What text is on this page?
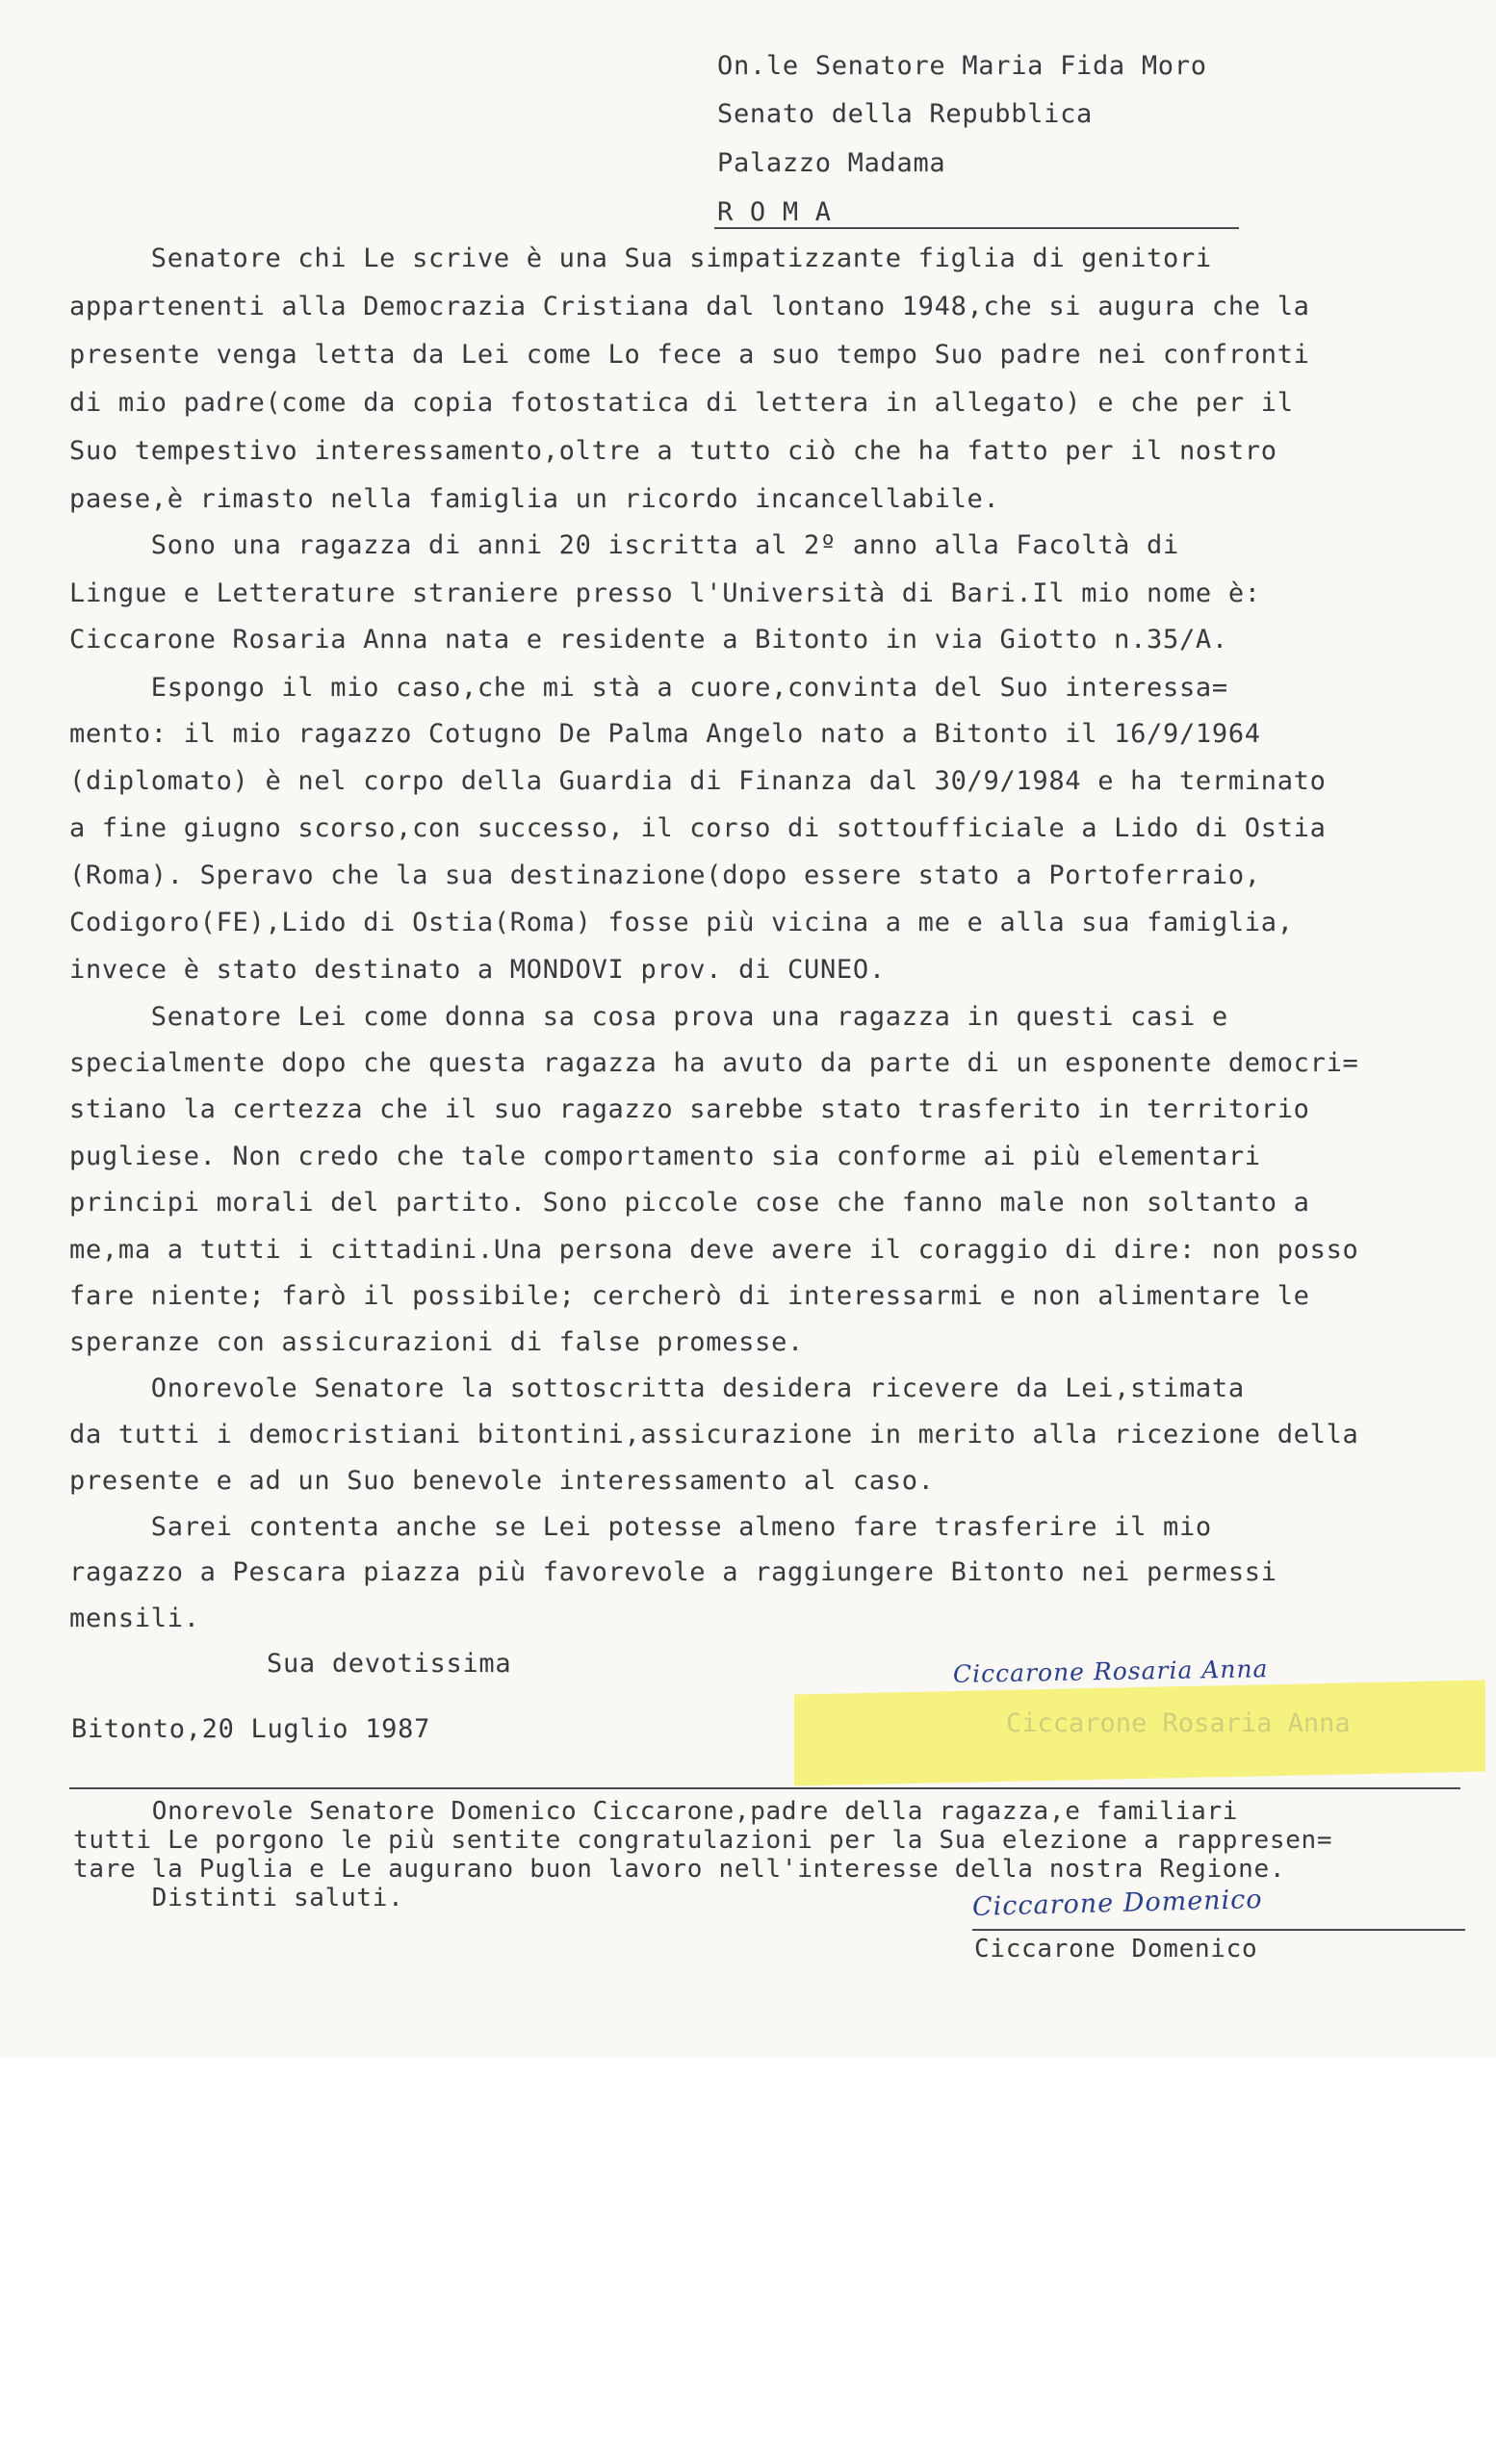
On.le Senatore Maria Fida Moro
Senato della Repubblica
Palazzo Madama
R O M A
Senatore chi Le scrive è una Sua simpatizzante figlia di genitori
appartenenti alla Democrazia Cristiana dal lontano 1948,che si augura che la
presente venga letta da Lei come Lo fece a suo tempo Suo padre nei confronti
di mio padre(come da copia fotostatica di lettera in allegato) e che per il
Suo tempestivo interessamento,oltre a tutto ciò che ha fatto per il nostro
paese,è rimasto nella famiglia un ricordo incancellabile.
Sono una ragazza di anni 20 iscritta al 2º anno alla Facoltà di
Lingue e Letterature straniere presso l'Università di Bari.Il mio nome è:
Ciccarone Rosaria Anna nata e residente a Bitonto in via Giotto n.35/A.
Espongo il mio caso,che mi stà a cuore,convinta del Suo interessa=
mento: il mio ragazzo Cotugno De Palma Angelo nato a Bitonto il 16/9/1964
(diplomato) è nel corpo della Guardia di Finanza dal 30/9/1984 e ha terminato
a fine giugno scorso,con successo, il corso di sottoufficiale a Lido di Ostia
(Roma). Speravo che la sua destinazione(dopo essere stato a Portoferraio,
Codigoro(FE),Lido di Ostia(Roma) fosse più vicina a me e alla sua famiglia,
invece è stato destinato a MONDOVI prov. di CUNEO.
Senatore Lei come donna sa cosa prova una ragazza in questi casi e
specialmente dopo che questa ragazza ha avuto da parte di un esponente democri=
stiano la certezza che il suo ragazzo sarebbe stato trasferito in territorio
pugliese. Non credo che tale comportamento sia conforme ai più elementari
principi morali del partito. Sono piccole cose che fanno male non soltanto a
me,ma a tutti i cittadini.Una persona deve avere il coraggio di dire: non posso
fare niente; farò il possibile; cercherò di interessarmi e non alimentare le
speranze con assicurazioni di false promesse.
Onorevole Senatore la sottoscritta desidera ricevere da Lei,stimata
da tutti i democristiani bitontini,assicurazione in merito alla ricezione della
presente e ad un Suo benevole interessamento al caso.
Sarei contenta anche se Lei potesse almeno fare trasferire il mio
ragazzo a Pescara piazza più favorevole a raggiungere Bitonto nei permessi
mensili.
Sua devotissima
Bitonto,20 Luglio 1987
Ciccarone Rosaria Anna
Ciccarone Rosaria Anna
Onorevole Senatore Domenico Ciccarone,padre della ragazza,e familiari
tutti Le porgono le più sentite congratulazioni per la Sua elezione a rappresen=
tare la Puglia e Le augurano buon lavoro nell'interesse della nostra Regione.
Distinti saluti.	Ciccarone Domenico
Ciccarone Domenico
